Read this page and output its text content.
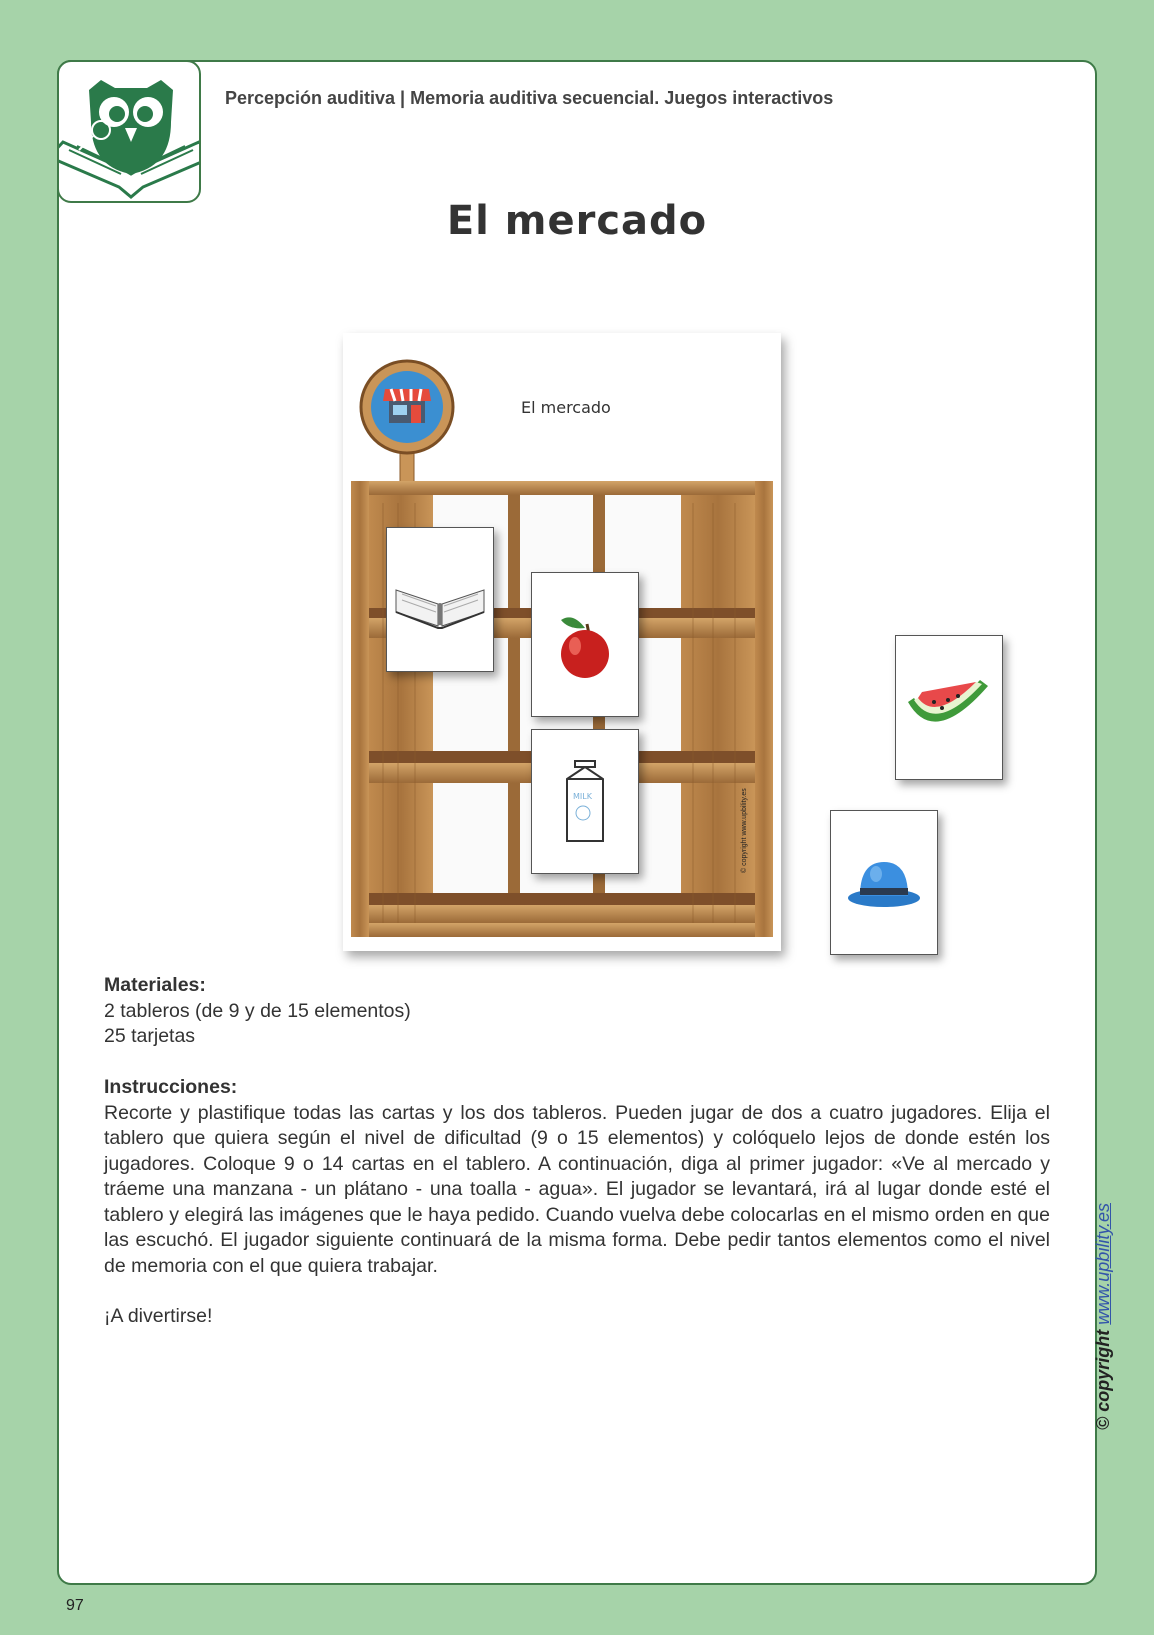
Percepción auditiva | Memoria auditiva secuencial. Juegos interactivos
El mercado
El mercado
© copyright www.upbility.es
MILK
Materiales:
2 tableros (de 9 y de 15 elementos)
25 tarjetas
Instrucciones:
Recorte y plastifique todas las cartas y los dos tableros. Pueden jugar de dos a cuatro jugadores. Elija el tablero que quiera según el nivel de dificultad (9 o 15 elementos) y colóquelo lejos de donde estén los jugadores. Coloque 9 o 14 cartas en el tablero. A continuación, diga al primer jugador: «Ve al mercado y tráeme una manzana - un plátano - una toalla - agua». El jugador se levantará, irá al lugar donde esté el tablero y elegirá las imágenes que le haya pedido. Cuando vuelva debe colocarlas en el mismo orden en que las escuchó. El jugador siguiente continuará de la misma forma. Debe pedir tantos elementos como el nivel de memoria con el que quiera trabajar.
¡A divertirse!
© copyright www.upbility.es
97
